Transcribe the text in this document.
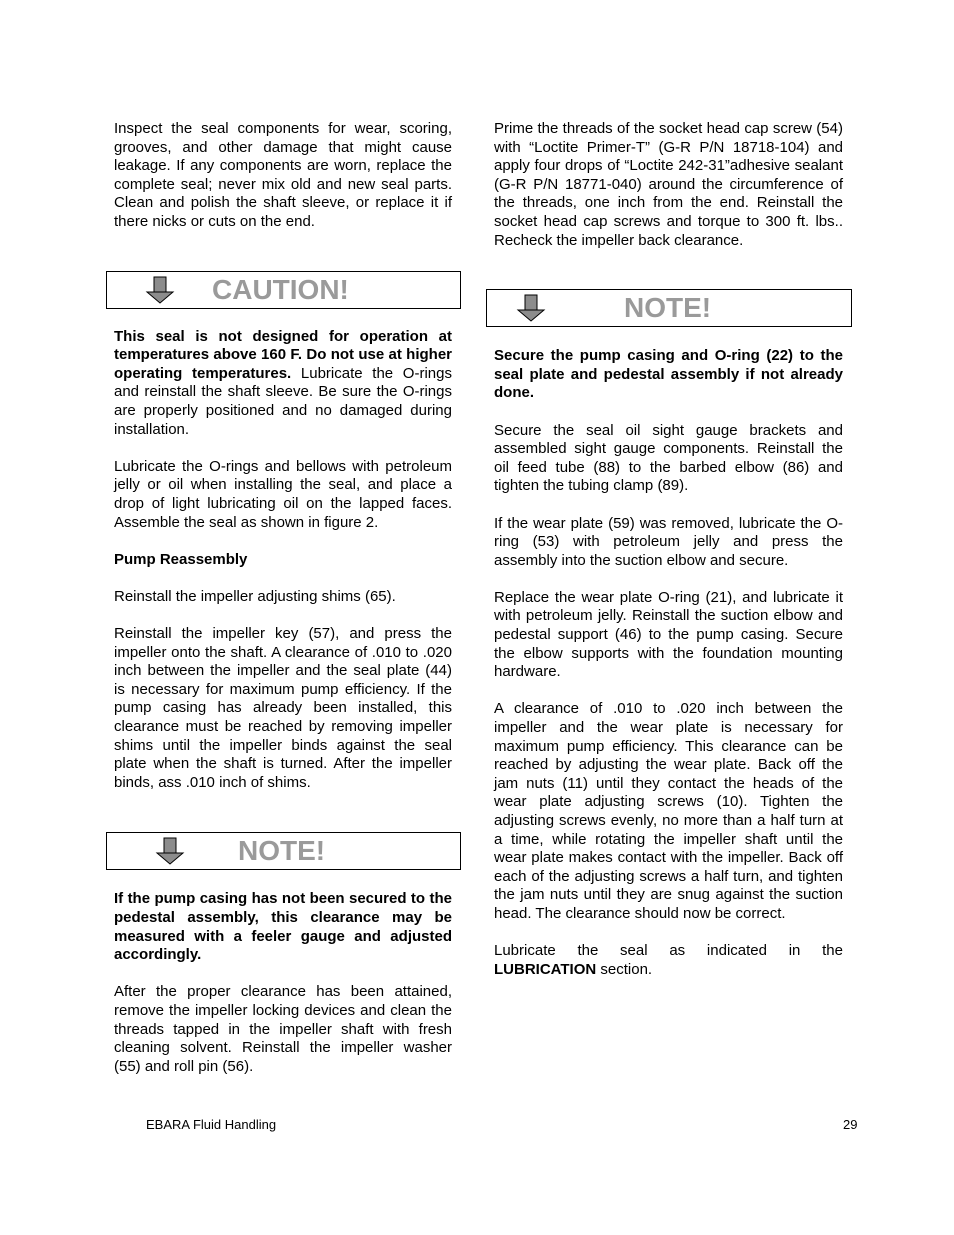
Inspect the seal components for wear, scoring, grooves, and other damage that might cause leakage. If any components are worn, replace the complete seal; never mix old and new seal parts. Clean and polish the shaft sleeve, or replace it if there nicks or cuts on the end.

CAUTION!

This seal is not designed for operation at temperatures above 160 F. Do not use at higher operating temperatures. Lubricate the O-rings and reinstall the shaft sleeve. Be sure the O-rings are properly positioned and no damaged during installation.

Lubricate the O-rings and bellows with petroleum jelly or oil when installing the seal, and place a drop of light lubricating oil on the lapped faces. Assemble the seal as shown in figure 2.

Pump Reassembly

Reinstall the impeller adjusting shims (65).

Reinstall the impeller key (57), and press the impeller onto the shaft. A clearance of .010 to .020 inch between the impeller and the seal plate (44) is necessary for maximum pump efficiency. If the pump casing has already been installed, this clearance must be reached by removing impeller shims until the impeller binds against the seal plate when the shaft is turned. After the impeller binds, ass .010 inch of shims.

NOTE!

If the pump casing has not been secured to the pedestal assembly, this clearance may be measured with a feeler gauge and adjusted accordingly.

After the proper clearance has been attained, remove the impeller locking devices and clean the threads tapped in the impeller shaft with fresh cleaning solvent. Reinstall the impeller washer (55) and roll pin (56).

Prime the threads of the socket head cap screw (54) with “Loctite Primer-T” (G-R P/N 18718-104) and apply four drops of “Loctite 242-31”adhesive sealant (G-R P/N 18771-040) around the circumference of the threads, one inch from the end. Reinstall the socket head cap screws and torque to 300 ft. lbs.. Recheck the impeller back clearance.

NOTE!

Secure the pump casing and O-ring (22) to the seal plate and pedestal assembly if not already done.

Secure the seal oil sight gauge brackets and assembled sight gauge components. Reinstall the oil feed tube (88) to the barbed elbow (86) and tighten the tubing clamp (89).

If the wear plate (59) was removed, lubricate the O-ring (53) with petroleum jelly and press the assembly into the suction elbow and secure.

Replace the wear plate O-ring (21), and lubricate it with petroleum jelly. Reinstall the suction elbow and pedestal support (46) to the pump casing. Secure the elbow supports with the foundation mounting hardware.

A clearance of .010 to .020 inch between the impeller and the wear plate is necessary for maximum pump efficiency. This clearance can be reached by adjusting the wear plate. Back off the jam nuts (11) until they contact the heads of the wear plate adjusting screws (10). Tighten the adjusting screws evenly, no more than a half turn at a time, while rotating the impeller shaft until the wear plate makes contact with the impeller. Back off each of the adjusting screws a half turn, and tighten the jam nuts until they are snug against the suction head. The clearance should now be correct.

Lubricate the seal as indicated in the LUBRICATION section.

EBARA Fluid Handling	29
